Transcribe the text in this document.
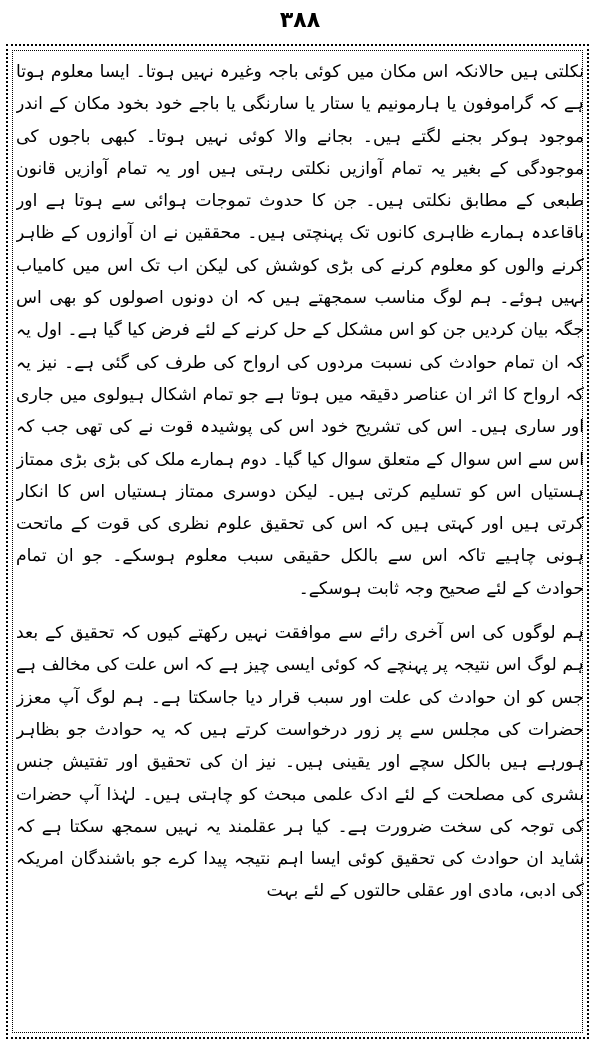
۳۸۸

نکلتی ہیں حالانکہ اس مکان میں کوئی باجہ وغیرہ نہیں ہوتا۔ ایسا معلوم ہوتا ہے کہ گراموفون یا ہارمونیم یا ستار یا سارنگی یا باجے خود بخود مکان کے اندر موجود ہوکر بجنے لگتے ہیں۔ بجانے والا کوئی نہیں ہوتا۔ کبھی باجوں کی موجودگی کے بغیر یہ تمام آوازیں نکلتی رہتی ہیں اور یہ تمام آوازیں قانون طبعی کے مطابق نکلتی ہیں۔ جن کا حدوث تموجات ہوائی سے ہوتا ہے اور باقاعدہ ہمارے ظاہری کانوں تک پہنچتی ہیں۔ محققین نے ان آوازوں کے ظاہر کرنے والوں کو معلوم کرنے کی بڑی کوشش کی لیکن اب تک اس میں کامیاب نہیں ہوئے۔ ہم لوگ مناسب سمجھتے ہیں کہ ان دونوں اصولوں کو بھی اس جگہ بیان کردیں جن کو اس مشکل کے حل کرنے کے لئے فرض کیا گیا ہے۔ اول یہ کہ ان تمام حوادث کی نسبت مردوں کی ارواح کی طرف کی گئی ہے۔ نیز یہ کہ ارواح کا اثر ان عناصر دقیقہ میں ہوتا ہے جو تمام اشکال ہیولوی میں جاری اور ساری ہیں۔ اس کی تشریح خود اس کی پوشیدہ قوت نے کی تھی جب کہ اس سے اس سوال کے متعلق سوال کیا گیا۔ دوم ہمارے ملک کی بڑی بڑی ممتاز ہستیاں اس کو تسلیم کرتی ہیں۔ لیکن دوسری ممتاز ہستیاں اس کا انکار کرتی ہیں اور کہتی ہیں کہ اس کی تحقیق علوم نظری کی قوت کے ماتحت ہونی چاہیے تاکہ اس سے بالکل حقیقی سبب معلوم ہوسکے۔ جو ان تمام حوادث کے لئے صحیح وجہ ثابت ہوسکے۔

ہم لوگوں کی اس آخری رائے سے موافقت نہیں رکھتے کیوں کہ تحقیق کے بعد ہم لوگ اس نتیجہ پر پہنچے کہ کوئی ایسی چیز ہے کہ اس علت کی مخالف ہے جس کو ان حوادث کی علت اور سبب قرار دیا جاسکتا ہے۔ ہم لوگ آپ معزز حضرات کی مجلس سے پر زور درخواست کرتے ہیں کہ یہ حوادث جو بظاہر ہورہے ہیں بالکل سچے اور یقینی ہیں۔ نیز ان کی تحقیق اور تفتیش جنس بشری کی مصلحت کے لئے ادک علمی مبحث کو چاہتی ہیں۔ لہٰذا آپ حضرات کی توجہ کی سخت ضرورت ہے۔ کیا ہر عقلمند یہ نہیں سمجھ سکتا ہے کہ شاید ان حوادث کی تحقیق کوئی ایسا اہم نتیجہ پیدا کرے جو باشندگان امریکہ کی ادبی، مادی اور عقلی حالتوں کے لئے بہت
